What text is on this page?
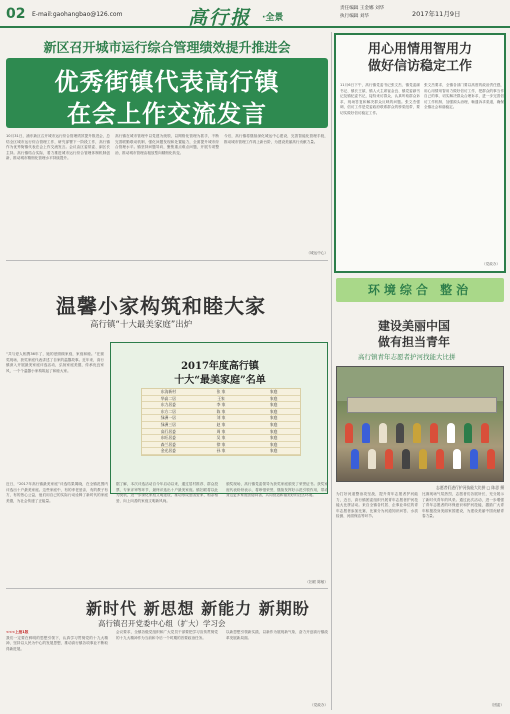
02 E-mail:gaohangbao@126.com	高行报 ·全景
责任编辑 王金娜 刘华
执行编辑 刘华	2017年11月9日
新区召开城市运行综合管理绩效提升推进会
优秀街镇代表高行镇
在会上作交流发言
10月31日，浦东新区召开城市运行综合管理绩效提升推进会，总结全区城市运行综合管理工作，研究部署下一阶段工作，高行镇作为优秀街镇代表在会上作交流发言。会议由区委常委、副区长主持。高行镇结合实际，着力推进城市运行综合管理体制机制创新，推动城市精细化管理水平持续提升。
高行镇在城市管理中以党建为统领，以网格化管理为抓手，不断完善联勤联动机制，强化问题发现和处置能力，全面提升城市综合管理水平。镇坚持问题导向，聚焦重点难点问题，开展专项整治，推动城市管理由粗放型向精细化转变。
今后，高行镇将继续深化城运中心建设，完善智能化管理手段，推动城市管理工作再上新台阶，为建设美丽高行贡献力量。
（城运中心）
用心用情用智用力
做好信访稳定工作
11月6日下午，高行镇党委书记张文杰、镇党委副书记、镇长王斌、镇人大主席崔金良、镇党委副书记及镇纪委书记，接待来访群众，认真听取群众诉求，现场答复和解决群众反映的问题。张文杰强调，信访工作是党委政府联系群众的桥梁纽带，要切实做好信访稳定工作。
张文杰要求，全镇各部门要以高度的政治责任感，用心用情用智用力做好信访工作，把群众的事当作自己的事，切实解决群众合理诉求，进一步完善信访工作机制，加强源头治理，畅通诉求渠道，确保全镇社会和谐稳定。
（党政办）
环境综合 整治
温馨小家构筑和睦大家
高行镇“十大最美家庭”出炉
“共与爱人相携36年了，她的爱照顾家庭，家庭和睦。”在颁奖现场，获奖家庭代表讲述了自家的温馨故事。近年来，高行镇深入开展最美家庭评选活动，弘扬家庭美德，传承优良家风，一个个温馨小家构筑起了和睦大家。	2017年度高行镇
十大“最美家庭”名单
东沟新村	张 家	家庭
华高二居	王家	家庭
东力居委	李 家	家庭
东方二居	陈 家	家庭
绿洲一居	刘 家	家庭
绿洲三居	赵 家	家庭
高行居委	周 家	家庭
东旺居委	吴 家	家庭
森兰居委	徐 家	家庭
金光居委	孙 家	家庭
近日，“2017年高行镇最美家庭”评选结果揭晓，在全镇范围内评选出十户最美家庭。这些家庭中，有的孝老爱亲，有的教子有方，有的热心公益，他们用自己的实际行动诠释了新时代的家庭美德，为社会传递了正能量。
据了解，本次评选活动自今年启动以来，通过居村推荐、群众投票、专家评审等环节，最终评选出十户最美家庭。镇妇联将以此为契机，进一步深化家庭文明建设，推动形成爱国爱家、相亲相爱、向上向善的家庭文明新风尚。
颁奖现场，高行镇党委领导为获奖家庭颁发了荣誉证书。获奖家庭代表纷纷表示，将珍惜荣誉，继续发挥好示范引领作用，带动身边更多家庭崇德向善，共同营造和谐美好的社区环境。
（妇联 陈敏）
建设美丽中国
做有担当青年
高行镇青年志愿者护河找能大比拼
志愿者们进行护河技能大比拼 □ 陈思 摄
为打好河道整治攻坚战，提升青年志愿者护河能力，近日，高行镇团委组织开展青年志愿者护河技能大比拼活动。来自全镇各村居、企事业单位的青年志愿者参加比赛，比赛分为河道知识问答、水质检测、河面保洁等环节。
比赛现场气氛热烈，志愿者们各展所长，充分展示了新时代青年的风采。通过此次活动，进一步增强了青年志愿者的环保意识和护河技能，激励广大青年积极投身美丽家园建设，为建设美丽中国贡献青春力量。
（团委）
新时代 新思想 新能力 新期盼
高行镇召开党委中心组（扩大）学习会
<<<上接1版
我们一定要在鲜明的思想引领下，认真学习贯彻党的十九大精神，坚持以人民为中心的发展思想，推动高行镇各项事业不断取得新进展。
会议要求，全镇各级党组织和广大党员干部要把学习宣传贯彻党的十九大精神作为当前和今后一个时期的首要政治任务。
以新思想引领新实践，以新作为展现新气象，奋力开创高行镇改革发展新局面。
（党政办）
